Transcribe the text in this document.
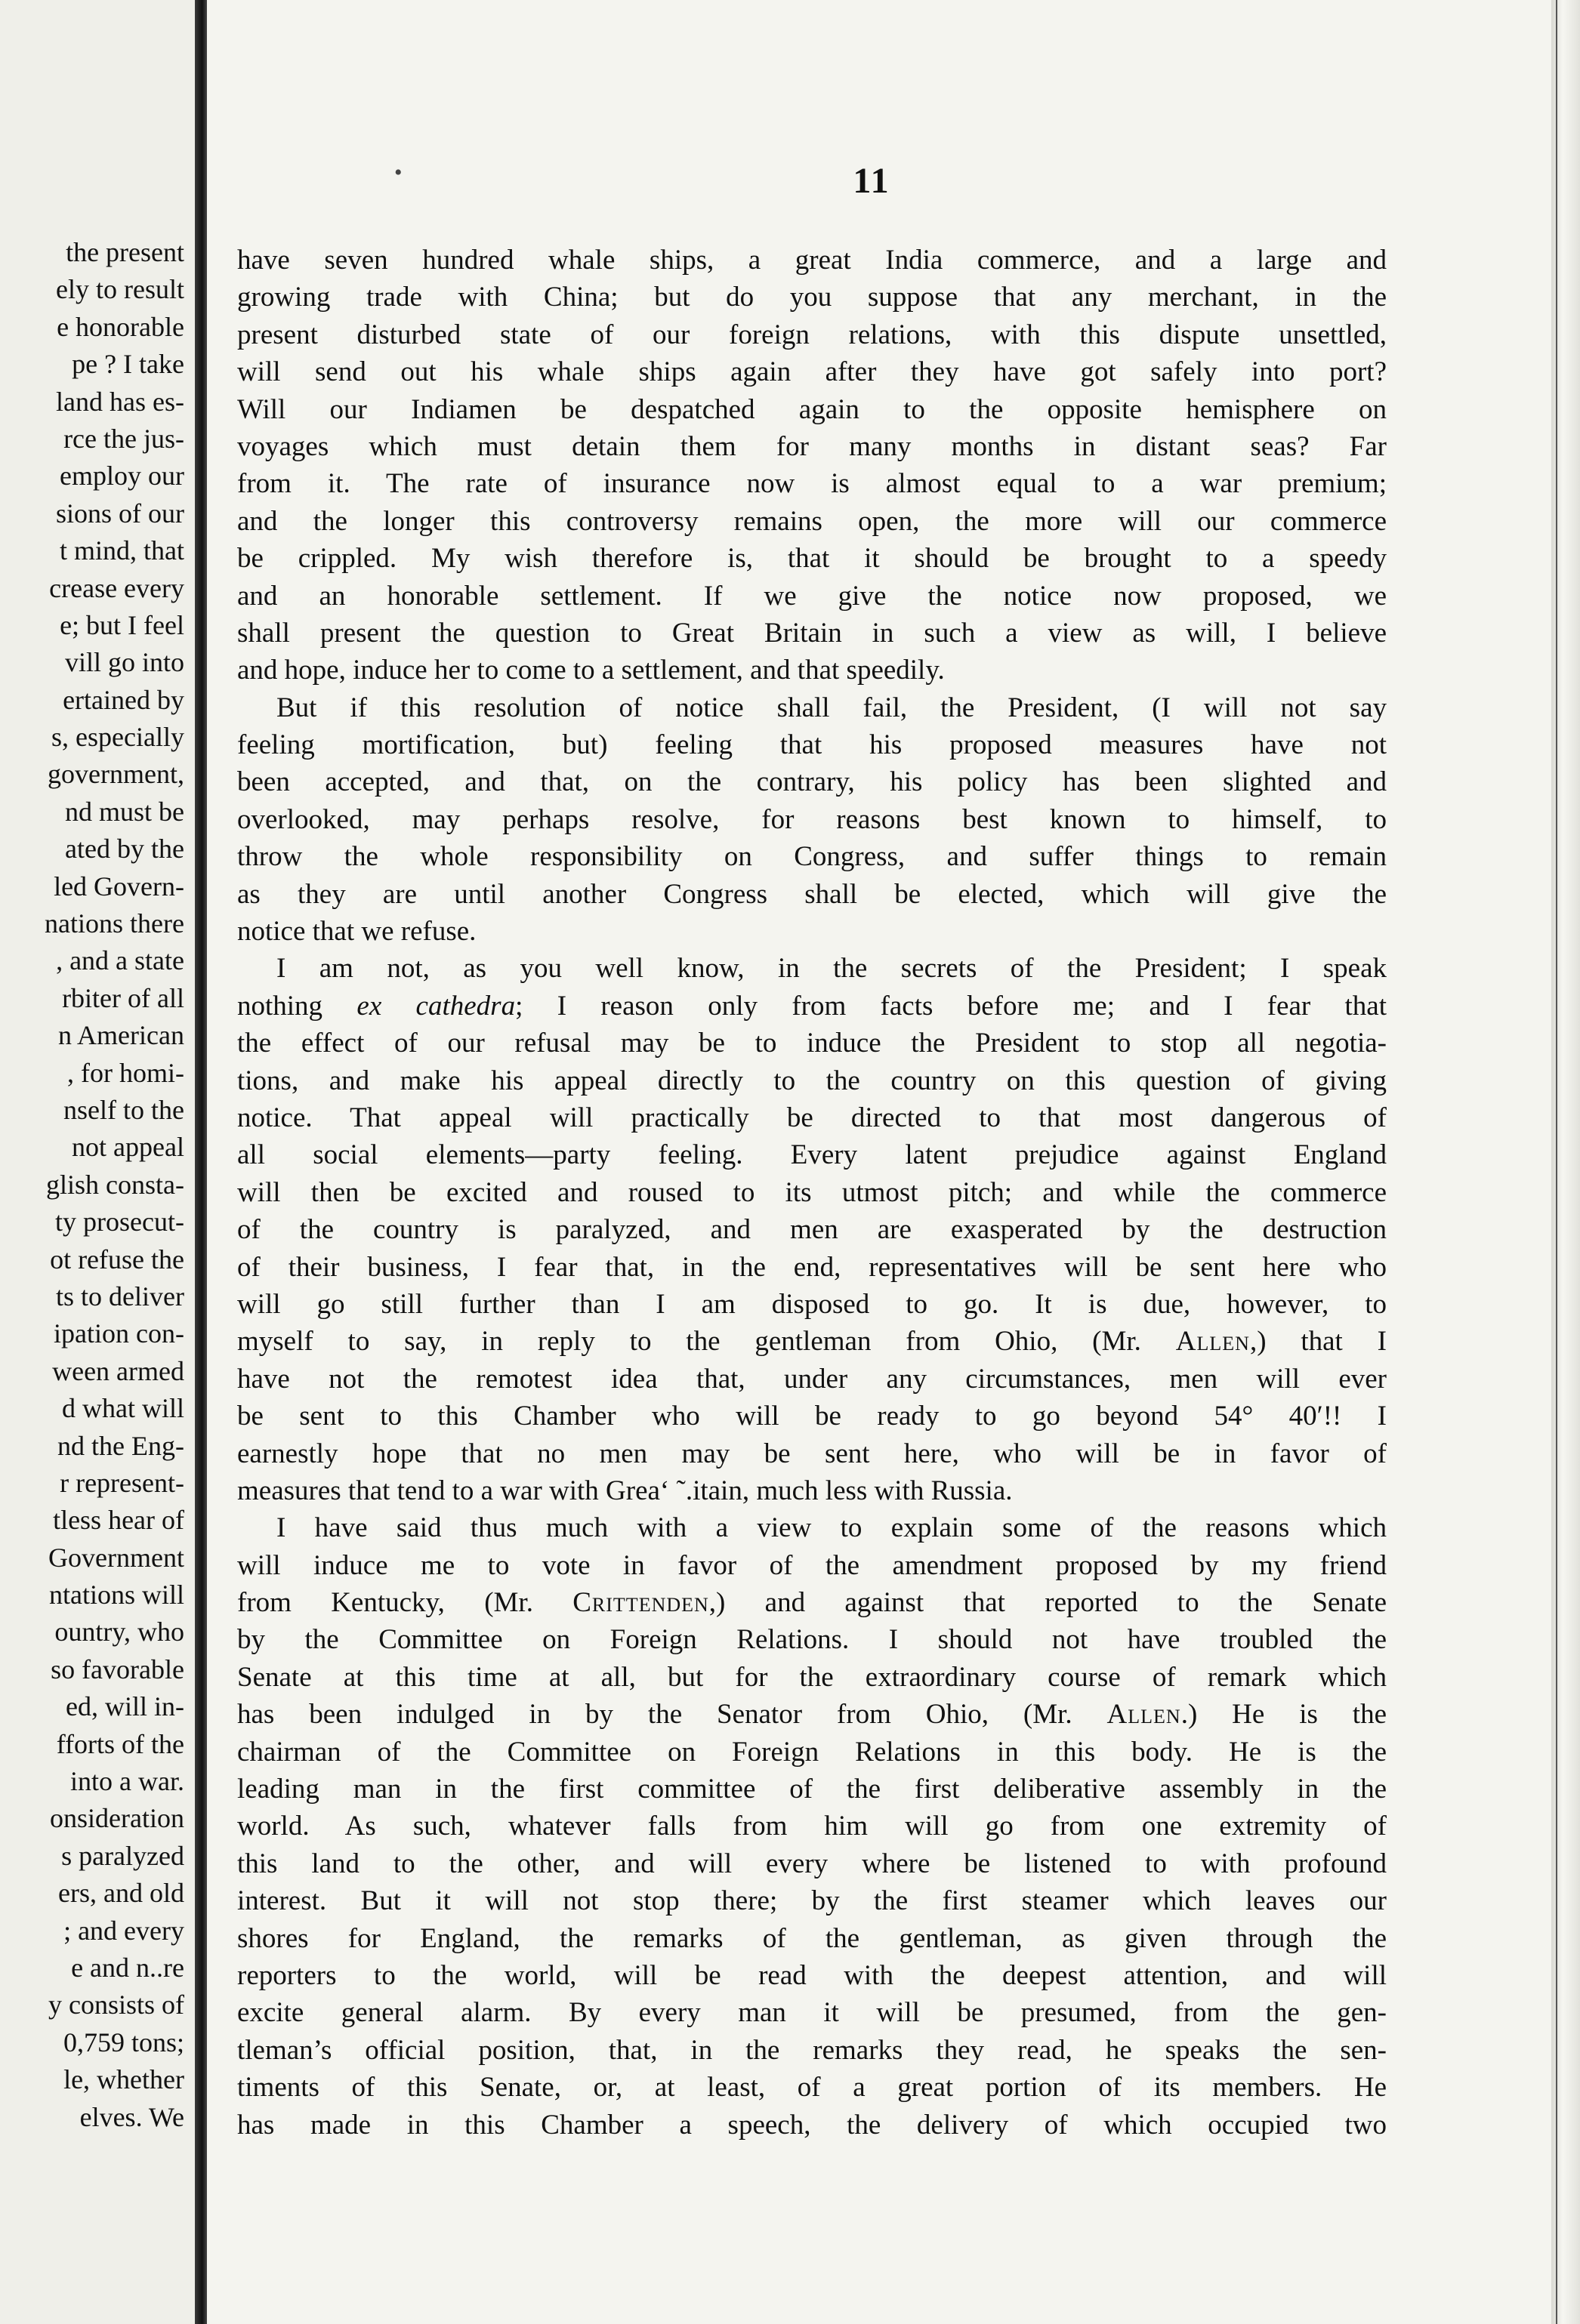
the present
ely to result
e honorable
pe ? I take
land has es-
rce the jus-
employ our
sions of our
t mind, that
crease every
e; but I feel
vill go into
ertained by
s, especially
government,
nd must be
ated by the
led Govern-
nations there
, and a state
rbiter of all
n American
, for homi-
nself to the
not appeal
glish consta-
ty prosecut-
ot refuse the
ts to deliver
ipation con-
ween armed
d what will
nd the Eng-
r represent-
tless hear of
Government
ntations will
ountry, who
so favorable
ed, will in-
fforts of the
into a war.
onsideration
s paralyzed
ers, and old
; and every
e and n..re
y consists of
0,759 tons;
le, whether
elves. We
11
•
have seven hundred whale ships, a great India commerce, and a large and
growing trade with China; but do you suppose that any merchant, in the
present disturbed state of our foreign relations, with this dispute unsettled,
will send out his whale ships again after they have got safely into port?
Will our Indiamen be despatched again to the opposite hemisphere on
voyages which must detain them for many months in distant seas? Far
from it. The rate of insurance now is almost equal to a war premium;
and the longer this controversy remains open, the more will our commerce
be crippled. My wish therefore is, that it should be brought to a speedy
and an honorable settlement. If we give the notice now proposed, we
shall present the question to Great Britain in such a view as will, I believe
and hope, induce her to come to a settlement, and that speedily.
But if this resolution of notice shall fail, the President, (I will not say
feeling mortification, but) feeling that his proposed measures have not
been accepted, and that, on the contrary, his policy has been slighted and
overlooked, may perhaps resolve, for reasons best known to himself, to
throw the whole responsibility on Congress, and suffer things to remain
as they are until another Congress shall be elected, which will give the
notice that we refuse.
I am not, as you well know, in the secrets of the President; I speak
nothing ex cathedra; I reason only from facts before me; and I fear that
the effect of our refusal may be to induce the President to stop all negotia-
tions, and make his appeal directly to the country on this question of giving
notice. That appeal will practically be directed to that most dangerous of
all social elements—party feeling. Every latent prejudice against England
will then be excited and roused to its utmost pitch; and while the commerce
of the country is paralyzed, and men are exasperated by the destruction
of their business, I fear that, in the end, representatives will be sent here who
will go still further than I am disposed to go. It is due, however, to
myself to say, in reply to the gentleman from Ohio, (Mr. Allen,) that I
have not the remotest idea that, under any circumstances, men will ever
be sent to this Chamber who will be ready to go beyond 54° 40′!! I
earnestly hope that no men may be sent here, who will be in favor of
measures that tend to a war with Grea‘ ˜.itain, much less with Russia.
I have said thus much with a view to explain some of the reasons which
will induce me to vote in favor of the amendment proposed by my friend
from Kentucky, (Mr. Crittenden,) and against that reported to the Senate
by the Committee on Foreign Relations. I should not have troubled the
Senate at this time at all, but for the extraordinary course of remark which
has been indulged in by the Senator from Ohio, (Mr. Allen.) He is the
chairman of the Committee on Foreign Relations in this body. He is the
leading man in the first committee of the first deliberative assembly in the
world. As such, whatever falls from him will go from one extremity of
this land to the other, and will every where be listened to with profound
interest. But it will not stop there; by the first steamer which leaves our
shores for England, the remarks of the gentleman, as given through the
reporters to the world, will be read with the deepest attention, and will
excite general alarm. By every man it will be presumed, from the gen-
tleman’s official position, that, in the remarks they read, he speaks the sen-
timents of this Senate, or, at least, of a great portion of its members. He
has made in this Chamber a speech, the delivery of which occupied two
